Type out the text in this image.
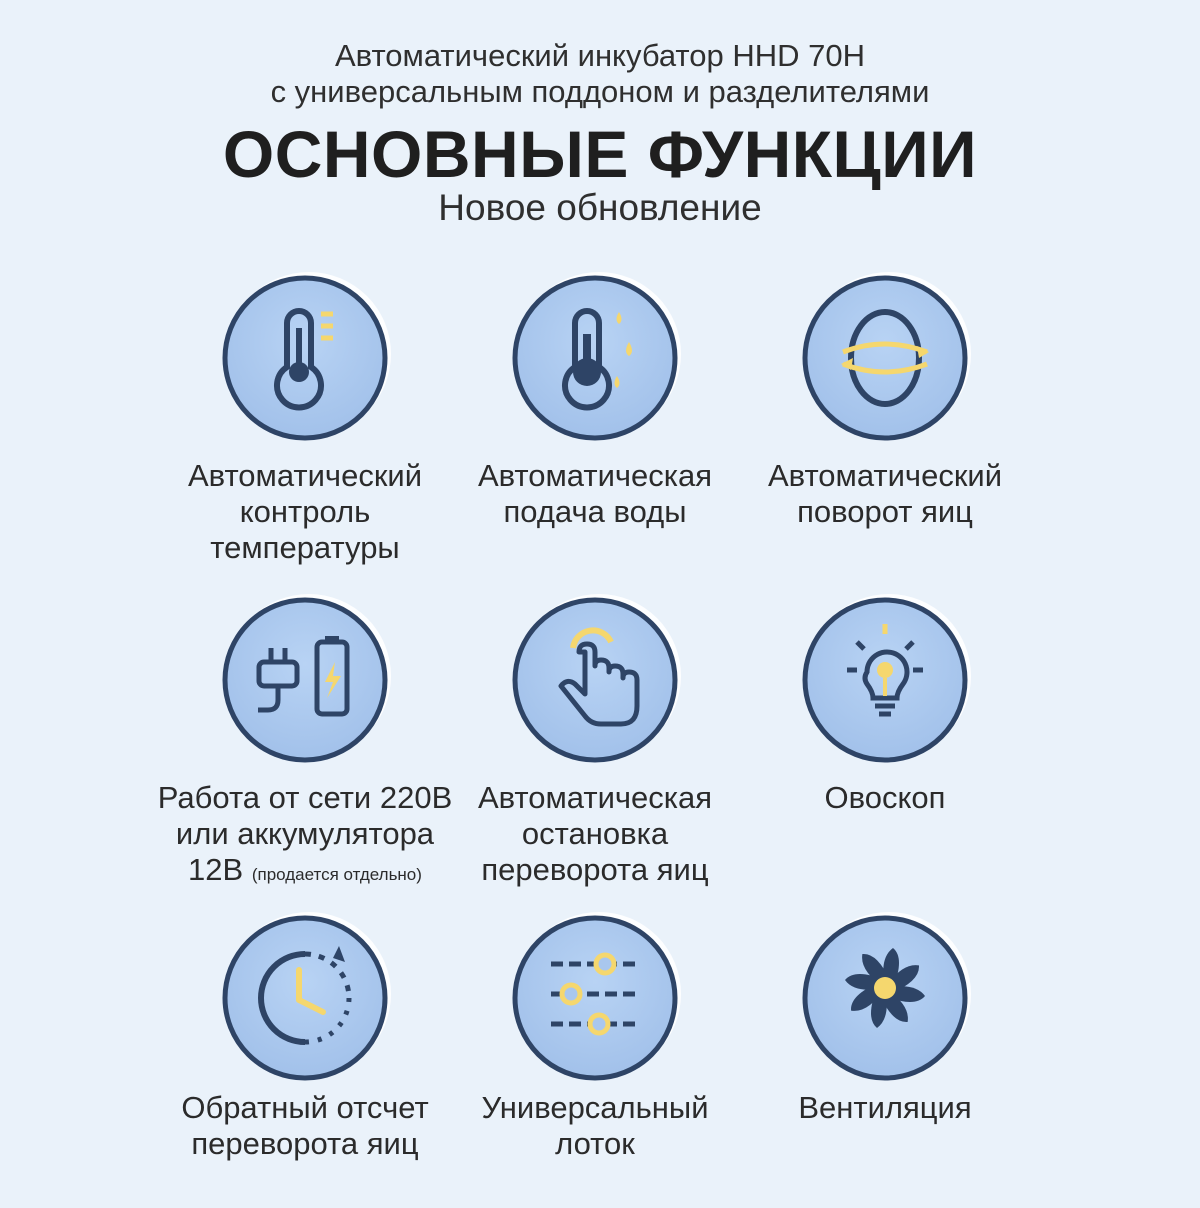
Автоматический инкубатор HHD 70H
с универсальным поддоном и разделителями
ОСНОВНЫЕ ФУНКЦИИ
Новое обновление
Автоматический
контроль
температуры
Автоматическая
подача воды
Автоматический
поворот яиц
Работа от сети 220В
или аккумулятора
12В (продается отдельно)
Автоматическая
остановка
переворота яиц
Овоскоп
Обратный отсчет
переворота яиц
Универсальный
лоток
Вентиляция
